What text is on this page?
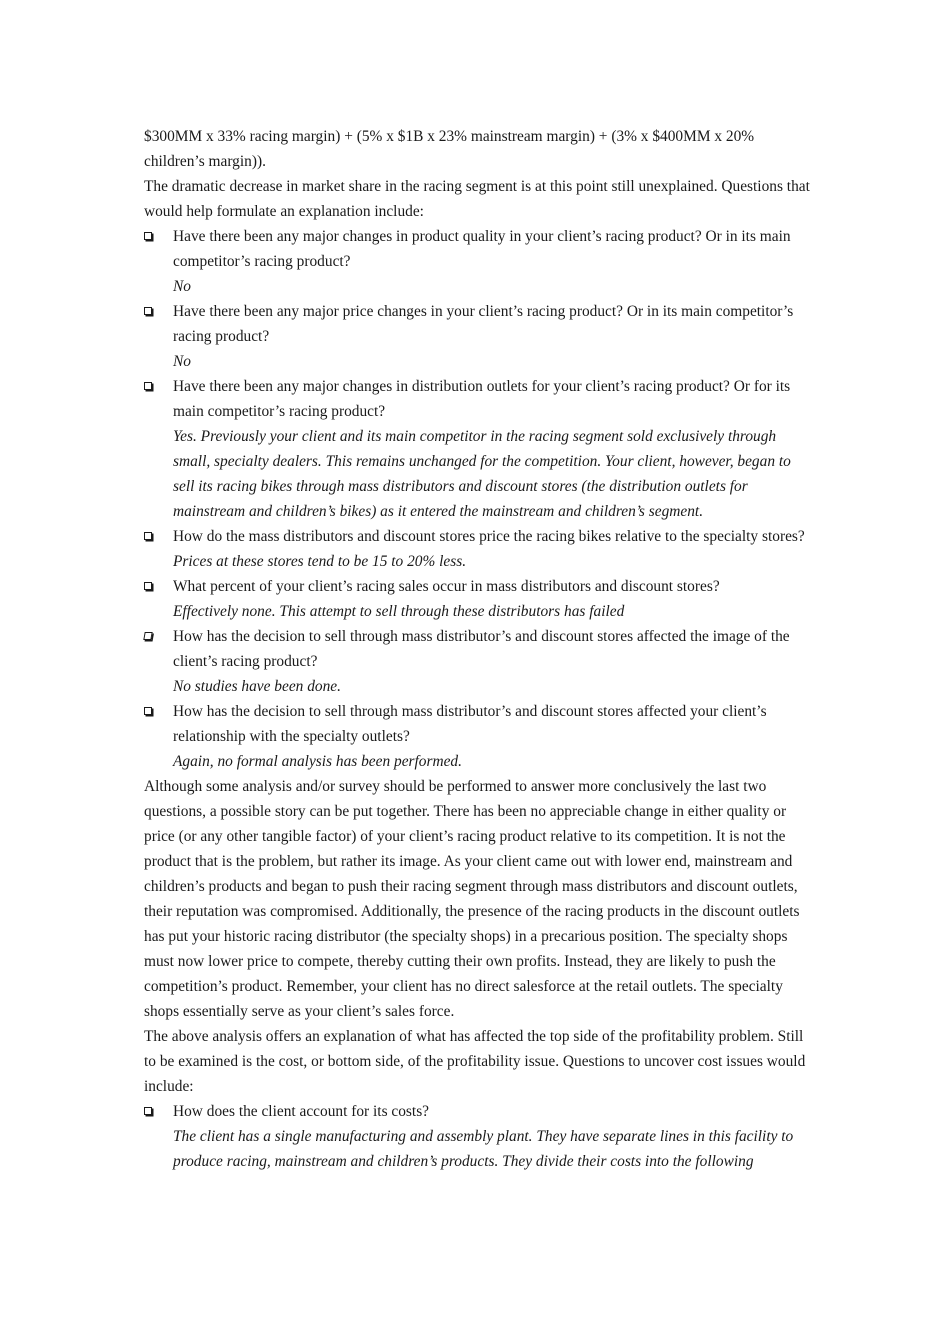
$300MM x 33% racing margin) + (5% x $1B x 23% mainstream margin) + (3% x $400MM x 20% children’s margin)).

The dramatic decrease in market share in the racing segment is at this point still unexplained. Questions that would help formulate an explanation include:

Have there been any major changes in product quality in your client’s racing product? Or in its main competitor’s racing product?
No
Have there been any major price changes in your client’s racing product? Or in its main competitor’s racing product?
No
Have there been any major changes in distribution outlets for your client’s racing product? Or for its main competitor’s racing product?
Yes. Previously your client and its main competitor in the racing segment sold exclusively through small, specialty dealers. This remains unchanged for the competition. Your client, however, began to sell its racing bikes through mass distributors and discount stores (the distribution outlets for mainstream and children’s bikes) as it entered the mainstream and children’s segment.
How do the mass distributors and discount stores price the racing bikes relative to the specialty stores?
Prices at these stores tend to be 15 to 20% less.
What percent of your client’s racing sales occur in mass distributors and discount stores?
Effectively none. This attempt to sell through these distributors has failed
How has the decision to sell through mass distributor’s and discount stores affected the image of the client’s racing product?
No studies have been done.
How has the decision to sell through mass distributor’s and discount stores affected your client’s relationship with the specialty outlets?
Again, no formal analysis has been performed.

Although some analysis and/or survey should be performed to answer more conclusively the last two questions, a possible story can be put together. There has been no appreciable change in either quality or price (or any other tangible factor) of your client’s racing product relative to its competition. It is not the product that is the problem, but rather its image. As your client came out with lower end, mainstream and children’s products and began to push their racing segment through mass distributors and discount outlets, their reputation was compromised. Additionally, the presence of the racing products in the discount outlets has put your historic racing distributor (the specialty shops) in a precarious position. The specialty shops must now lower price to compete, thereby cutting their own profits. Instead, they are likely to push the competition’s product. Remember, your client has no direct salesforce at the retail outlets. The specialty shops essentially serve as your client’s sales force.

The above analysis offers an explanation of what has affected the top side of the profitability problem. Still to be examined is the cost, or bottom side, of the profitability issue. Questions to uncover cost issues would include:

How does the client account for its costs?
The client has a single manufacturing and assembly plant. They have separate lines in this facility to produce racing, mainstream and children’s products. They divide their costs into the following
